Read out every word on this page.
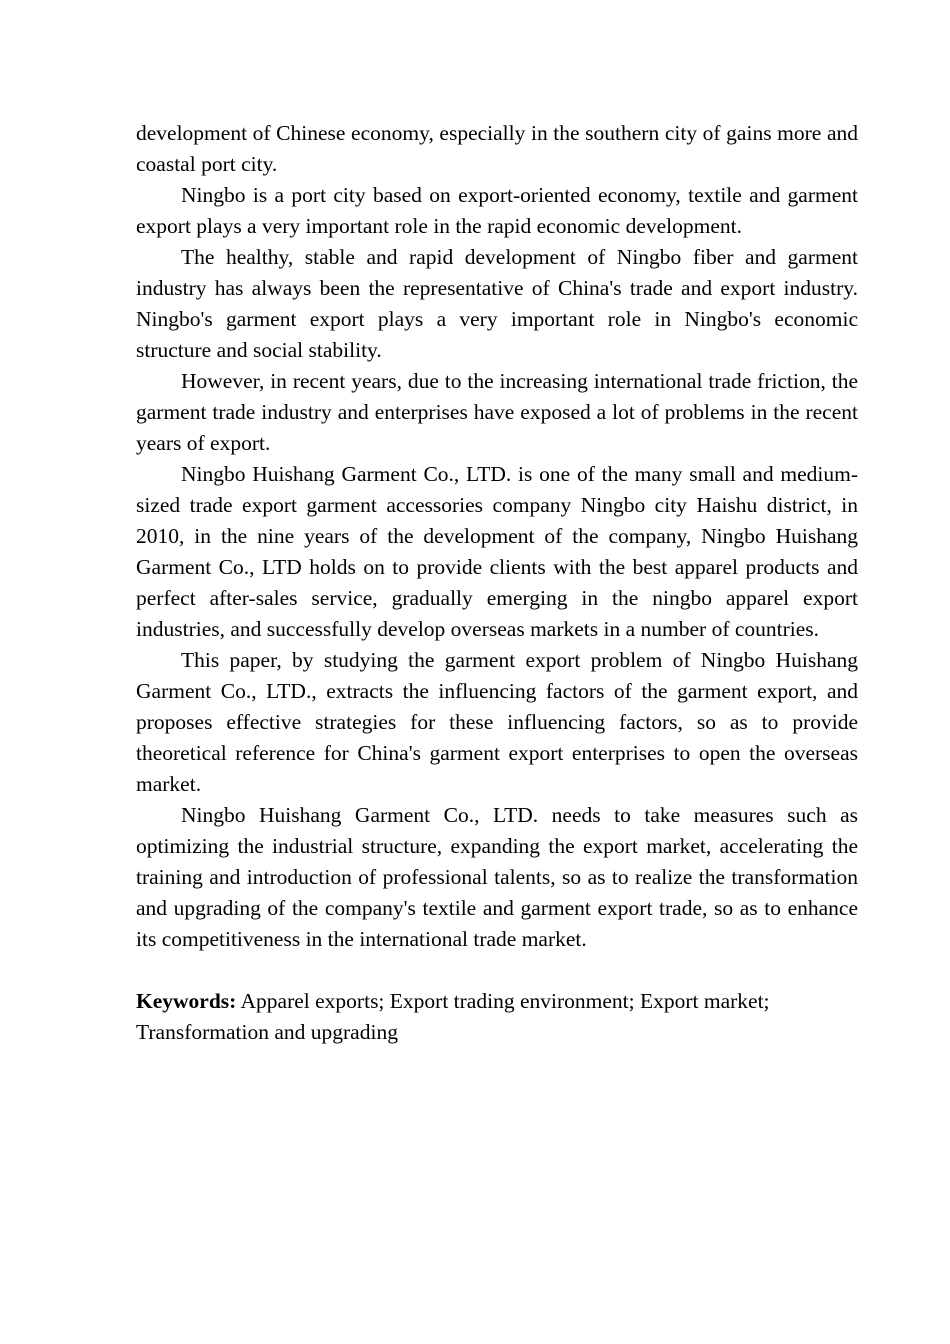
development of Chinese economy, especially in the southern city of gains more and coastal port city.

Ningbo is a port city based on export-oriented economy, textile and garment export plays a very important role in the rapid economic development.

The healthy, stable and rapid development of Ningbo fiber and garment industry has always been the representative of China's trade and export industry. Ningbo's garment export plays a very important role in Ningbo's economic structure and social stability.

However, in recent years, due to the increasing international trade friction, the garment trade industry and enterprises have exposed a lot of problems in the recent years of export.

Ningbo Huishang Garment Co., LTD. is one of the many small and medium-sized trade export garment accessories company Ningbo city Haishu district, in 2010, in the nine years of the development of the company, Ningbo Huishang Garment Co., LTD holds on to provide clients with the best apparel products and perfect after-sales service, gradually emerging in the ningbo apparel export industries, and successfully develop overseas markets in a number of countries.

This paper, by studying the garment export problem of Ningbo Huishang Garment Co., LTD., extracts the influencing factors of the garment export, and proposes effective strategies for these influencing factors, so as to provide theoretical reference for China's garment export enterprises to open the overseas market.

Ningbo Huishang Garment Co., LTD. needs to take measures such as optimizing the industrial structure, expanding the export market, accelerating the training and introduction of professional talents, so as to realize the transformation and upgrading of the company's textile and garment export trade, so as to enhance its competitiveness in the international trade market.

Keywords: Apparel exports; Export trading environment; Export market; Transformation and upgrading
